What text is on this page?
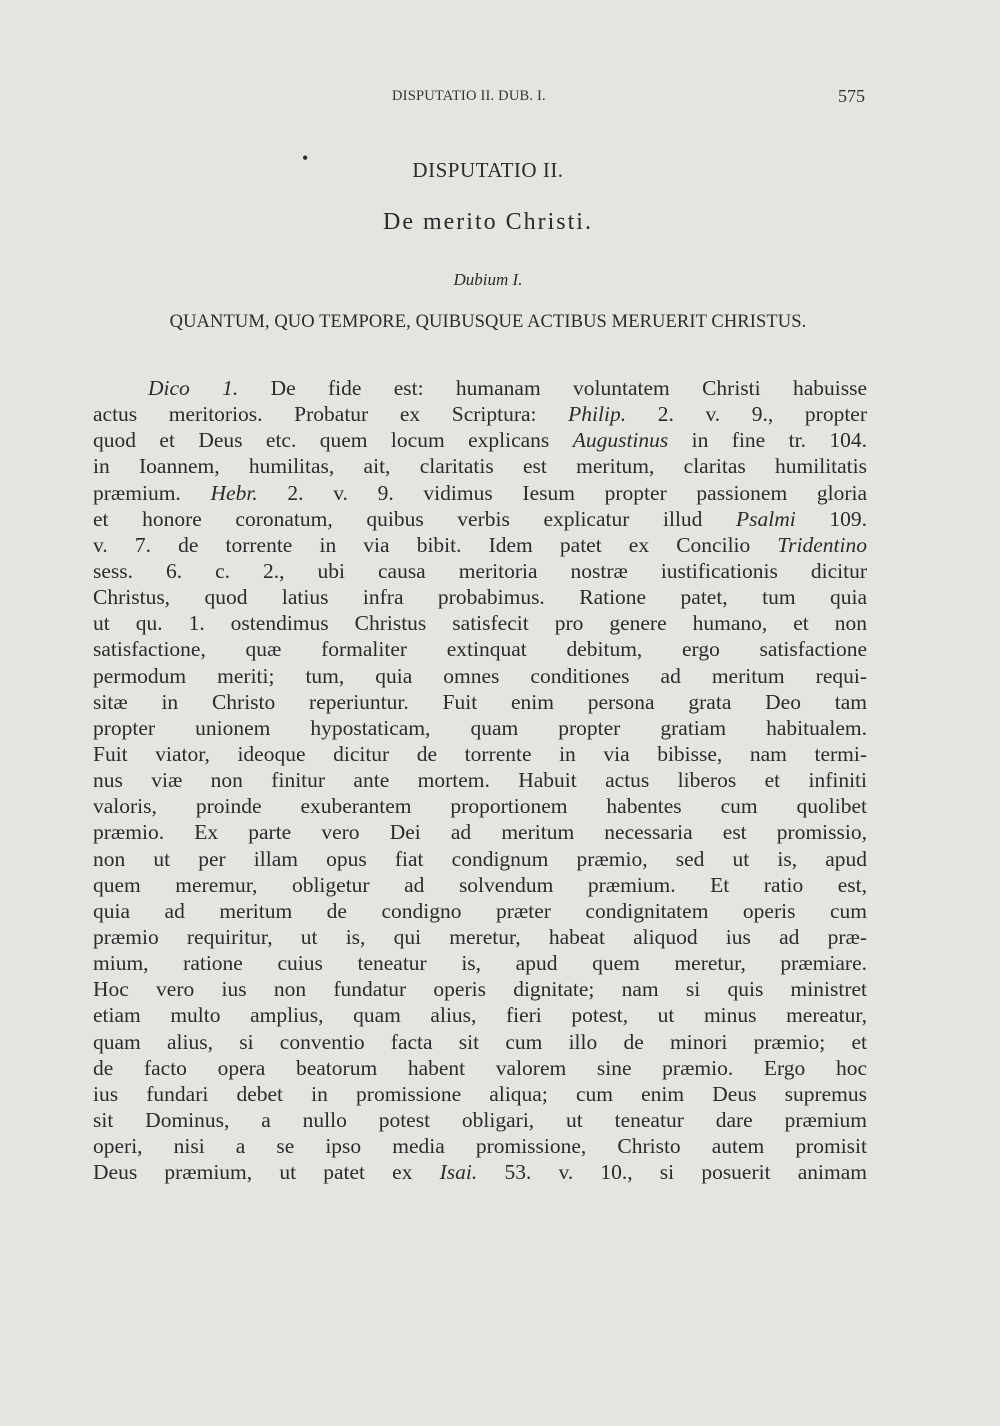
DISPUTATIO II. DUB. I.	575
•	DISPUTATIO II.
De merito Christi.
Dubium I.
QUANTUM, QUO TEMPORE, QUIBUSQUE ACTIBUS MERUERIT CHRISTUS.
Dico 1. De fide est: humanam voluntatem Christi habuisse
actus meritorios. Probatur ex Scriptura: Philip. 2. v. 9., propter
quod et Deus etc. quem locum explicans Augustinus in fine tr. 104.
in Ioannem, humilitas, ait, claritatis est meritum, claritas humilitatis
præmium. Hebr. 2. v. 9. vidimus Iesum propter passionem gloria
et honore coronatum, quibus verbis explicatur illud Psalmi 109.
v. 7. de torrente in via bibit. Idem patet ex Concilio Tridentino
sess. 6. c. 2., ubi causa meritoria nostræ iustificationis dicitur
Christus, quod latius infra probabimus. Ratione patet, tum quia
ut qu. 1. ostendimus Christus satisfecit pro genere humano, et non
satisfactione, quæ formaliter extinquat debitum, ergo satisfactione
permodum meriti; tum, quia omnes conditiones ad meritum requi-
sitæ in Christo reperiuntur. Fuit enim persona grata Deo tam
propter unionem hypostaticam, quam propter gratiam habitualem.
Fuit viator, ideoque dicitur de torrente in via bibisse, nam termi-
nus viæ non finitur ante mortem. Habuit actus liberos et infiniti
valoris, proinde exuberantem proportionem habentes cum quolibet
præmio. Ex parte vero Dei ad meritum necessaria est promissio,
non ut per illam opus fiat condignum præmio, sed ut is, apud
quem meremur, obligetur ad solvendum præmium. Et ratio est,
quia ad meritum de condigno præter condignitatem operis cum
præmio requiritur, ut is, qui meretur, habeat aliquod ius ad præ-
mium, ratione cuius teneatur is, apud quem meretur, præmiare.
Hoc vero ius non fundatur operis dignitate; nam si quis ministret
etiam multo amplius, quam alius, fieri potest, ut minus mereatur,
quam alius, si conventio facta sit cum illo de minori præmio; et
de facto opera beatorum habent valorem sine præmio. Ergo hoc
ius fundari debet in promissione aliqua; cum enim Deus supremus
sit Dominus, a nullo potest obligari, ut teneatur dare præmium
operi, nisi a se ipso media promissione, Christo autem promisit
Deus præmium, ut patet ex Isai. 53. v. 10., si posuerit animam
